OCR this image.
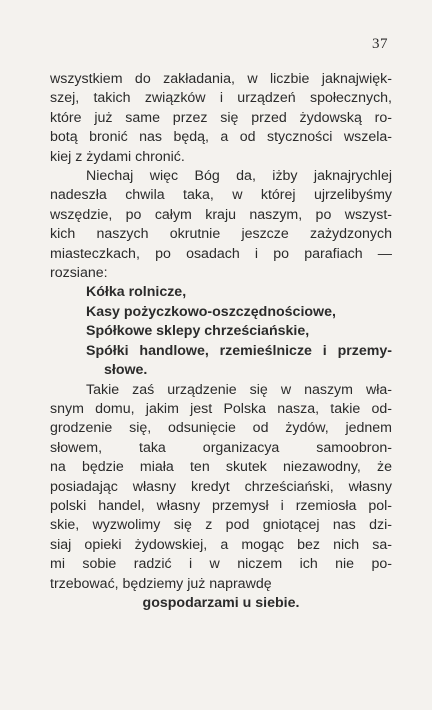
37
wszystkiem do zakładania, w liczbie jaknajwięk-
szej, takich związków i urządzeń społecznych,
które już same przez się przed żydowską ro-
botą bronić nas będą, a od styczności wszela-
kiej z żydami chronić.
Niechaj więc Bóg da, iżby jaknajrychlej
nadeszła chwila taka, w której ujrzelibyśmy
wszędzie, po całym kraju naszym, po wszyst-
kich naszych okrutnie jeszcze zażydzonych
miasteczkach, po osadach i po parafiach —
rozsiane:
Kółka rolnicze,
Kasy pożyczkowo-oszczędnościowe,
Spółkowe sklepy chrześciańskie,
Spółki handlowe, rzemieślnicze i przemy-
słowe.
Takie zaś urządzenie się w naszym wła-
snym domu, jakim jest Polska nasza, takie od-
grodzenie się, odsunięcie od żydów, jednem
słowem, taka organizacya samoobron-
na będzie miała ten skutek niezawodny, że
posiadając własny kredyt chrześciański, własny
polski handel, własny przemysł i rzemiosła pol-
skie, wyzwolimy się z pod gniotącej nas dzi-
siaj opieki żydowskiej, a mogąc bez nich sa-
mi sobie radzić i w niczem ich nie po-
trzebować, będziemy już naprawdę
gospodarzami u siebie.
